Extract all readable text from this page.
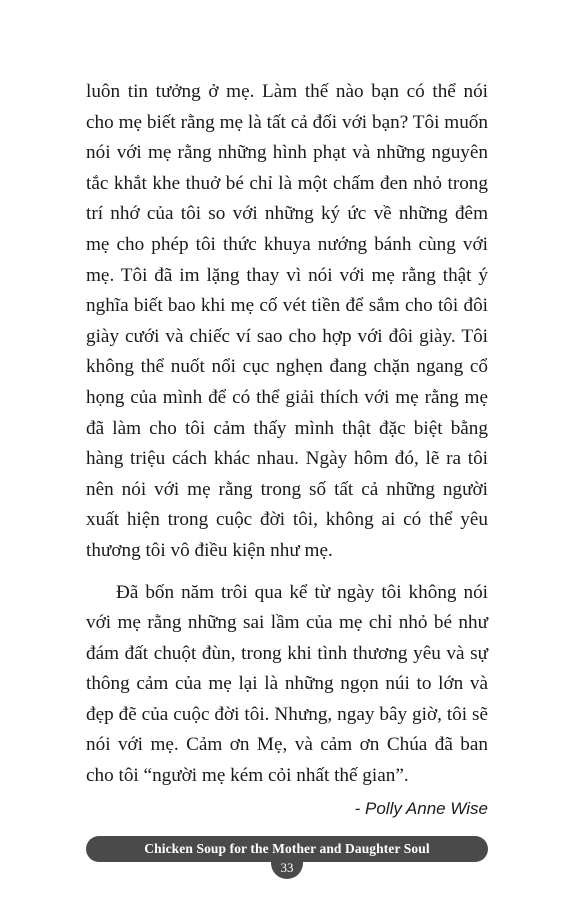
luôn tin tưởng ở mẹ. Làm thế nào bạn có thể nói cho mẹ biết rằng mẹ là tất cả đối với bạn? Tôi muốn nói với mẹ rằng những hình phạt và những nguyên tắc khắt khe thuở bé chỉ là một chấm đen nhỏ trong trí nhớ của tôi so với những ký ức về những đêm mẹ cho phép tôi thức khuya nướng bánh cùng với mẹ. Tôi đã im lặng thay vì nói với mẹ rằng thật ý nghĩa biết bao khi mẹ cố vét tiền để sắm cho tôi đôi giày cưới và chiếc ví sao cho hợp với đôi giày. Tôi không thể nuốt nổi cục nghẹn đang chặn ngang cổ họng của mình để có thể giải thích với mẹ rằng mẹ đã làm cho tôi cảm thấy mình thật đặc biệt bằng hàng triệu cách khác nhau. Ngày hôm đó, lẽ ra tôi nên nói với mẹ rằng trong số tất cả những người xuất hiện trong cuộc đời tôi, không ai có thể yêu thương tôi vô điều kiện như mẹ.

Đã bốn năm trôi qua kể từ ngày tôi không nói với mẹ rằng những sai lầm của mẹ chỉ nhỏ bé như đám đất chuột đùn, trong khi tình thương yêu và sự thông cảm của mẹ lại là những ngọn núi to lớn và đẹp đẽ của cuộc đời tôi. Nhưng, ngay bây giờ, tôi sẽ nói với mẹ. Cảm ơn Mẹ, và cảm ơn Chúa đã ban cho tôi “người mẹ kém cỏi nhất thế gian”.

- Polly Anne Wise
Chicken Soup for the Mother and Daughter Soul
33
